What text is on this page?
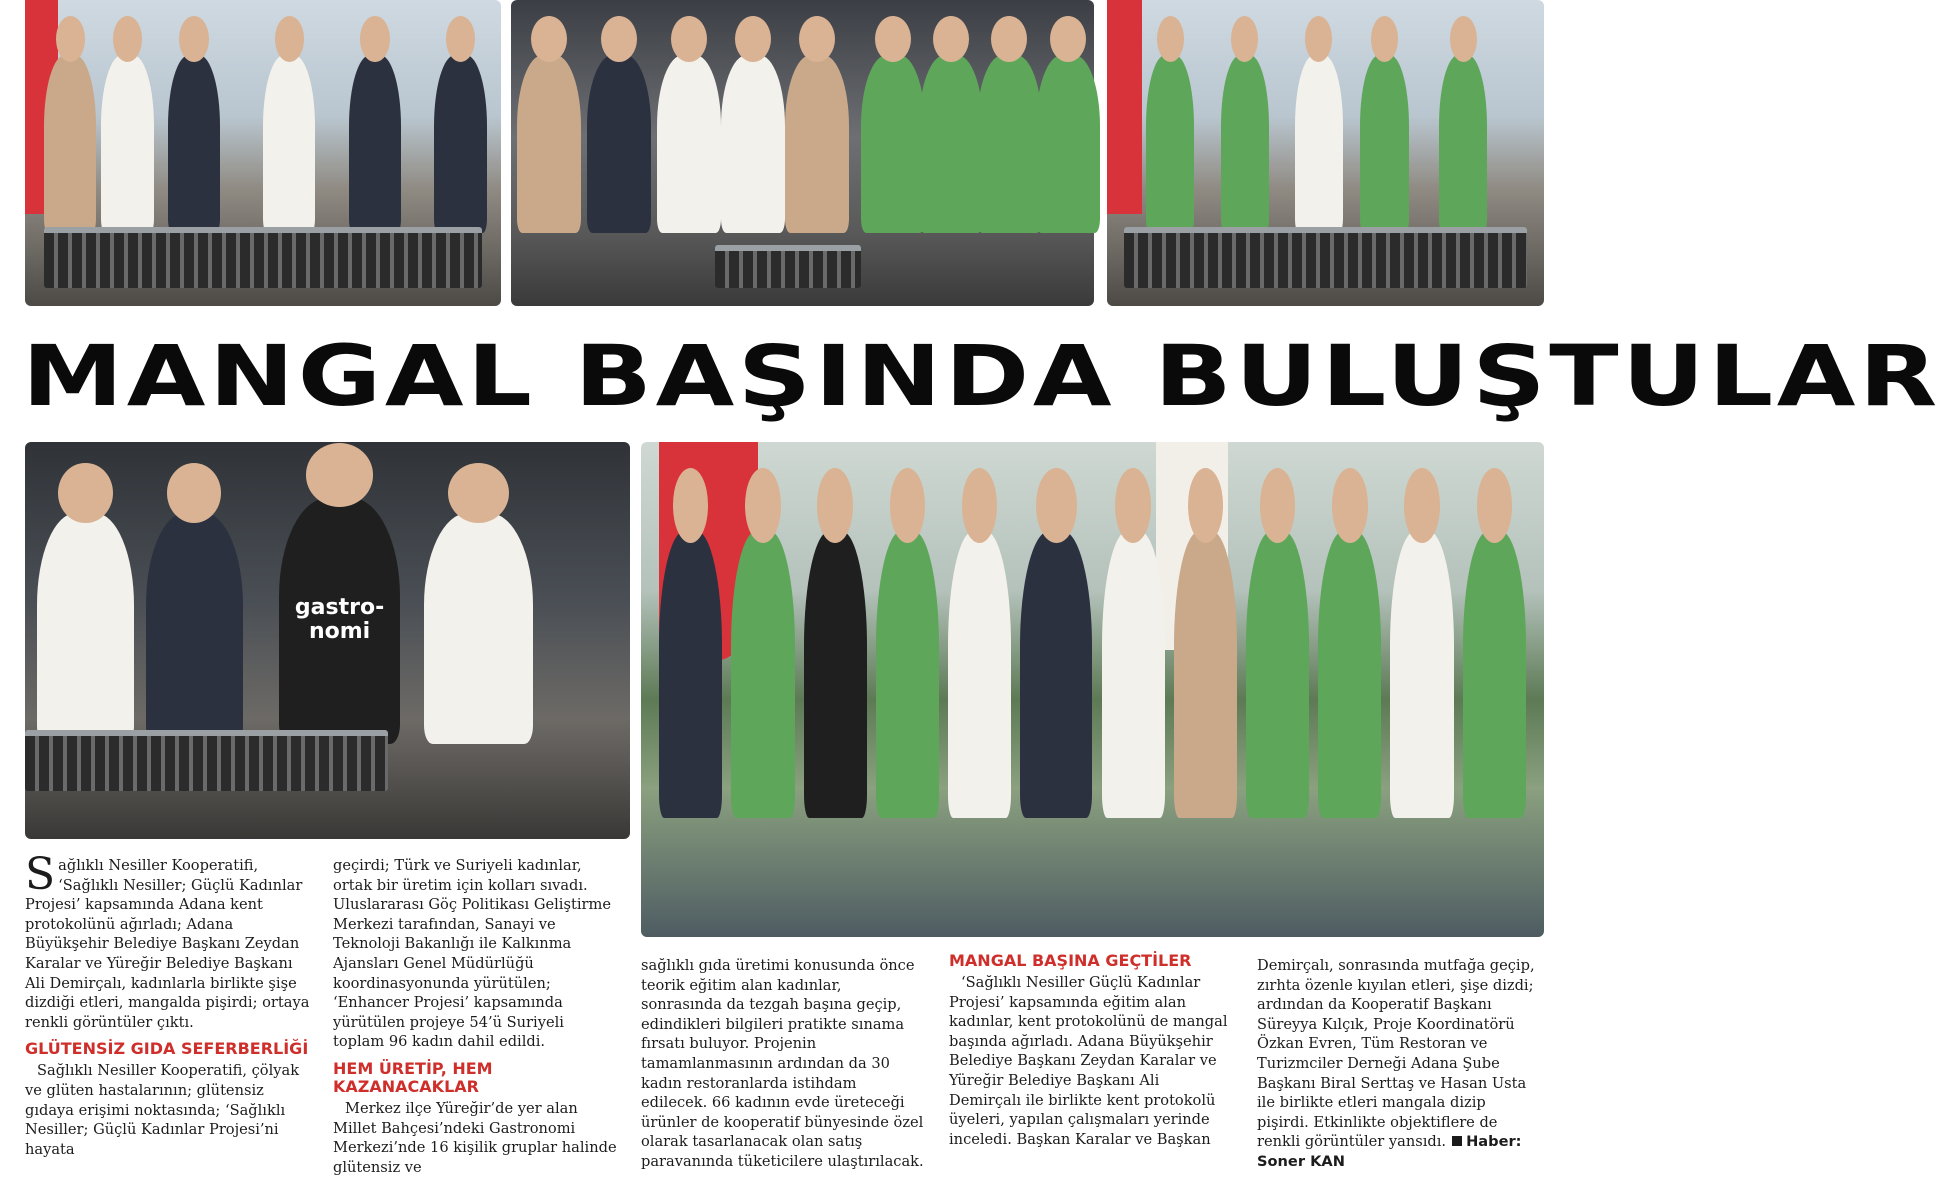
MANGAL BAŞINDA BULUŞTULAR
gastro-nomi

S ağlıklı Nesiller Kooperatifi, ‘Sağlıklı Nesiller; Güçlü Kadınlar Projesi’ kapsamında Adana kent protokolünü ağırladı; Adana Büyükşehir Belediye Başkanı Zeydan Karalar ve Yüreğir Belediye Başkanı Ali Demirçalı, kadınlarla birlikte şişe dizdiği etleri, mangalda pişirdi; ortaya renkli görüntüler çıktı.

GLÜTENSİZ GIDA SEFERBERLİĞİ

Sağlıklı Nesiller Kooperatifi, çölyak ve glüten hastalarının; glütensiz gıdaya erişimi noktasında; ‘Sağlıklı Nesiller; Güçlü Kadınlar Projesi’ni hayata

geçirdi; Türk ve Suriyeli kadınlar, ortak bir üretim için kolları sıvadı. Uluslararası Göç Politikası Geliştirme Merkezi tarafından, Sanayi ve Teknoloji Bakanlığı ile Kalkınma Ajansları Genel Müdürlüğü koordinasyonunda yürütülen; ‘Enhancer Projesi’ kapsamında yürütülen projeye 54’ü Suriyeli toplam 96 kadın dahil edildi.

HEM ÜRETİP, HEM KAZANACAKLAR

Merkez ilçe Yüreğir’de yer alan Millet Bahçesi’ndeki Gastronomi Merkezi’nde 16 kişilik gruplar halinde glütensiz ve

sağlıklı gıda üretimi konusunda önce teorik eğitim alan kadınlar, sonrasında da tezgah başına geçip, edindikleri bilgileri pratikte sınama fırsatı buluyor. Projenin tamamlanmasının ardından da 30 kadın restoranlarda istihdam edilecek. 66 kadının evde üreteceği ürünler de kooperatif bünyesinde özel olarak tasarlanacak olan satış paravanında tüketicilere ulaştırılacak.

MANGAL BAŞINA GEÇTİLER

‘Sağlıklı Nesiller Güçlü Kadınlar Projesi’ kapsamında eğitim alan kadınlar, kent protokolünü de mangal başında ağırladı. Adana Büyükşehir Belediye Başkanı Zeydan Karalar ve Yüreğir Belediye Başkanı Ali Demirçalı ile birlikte kent protokolü üyeleri, yapılan çalışmaları yerinde inceledi. Başkan Karalar ve Başkan

Demirçalı, sonrasında mutfağa geçip, zırhta özenle kıyılan etleri, şişe dizdi; ardından da Kooperatif Başkanı Süreyya Kılçık, Proje Koordinatörü Özkan Evren, Tüm Restoran ve Turizmciler Derneği Adana Şube Başkanı Biral Serttaş ve Hasan Usta ile birlikte etleri mangala dizip pişirdi. Etkinlikte objektiflere de renkli görüntüler yansıdı. Haber: Soner KAN
